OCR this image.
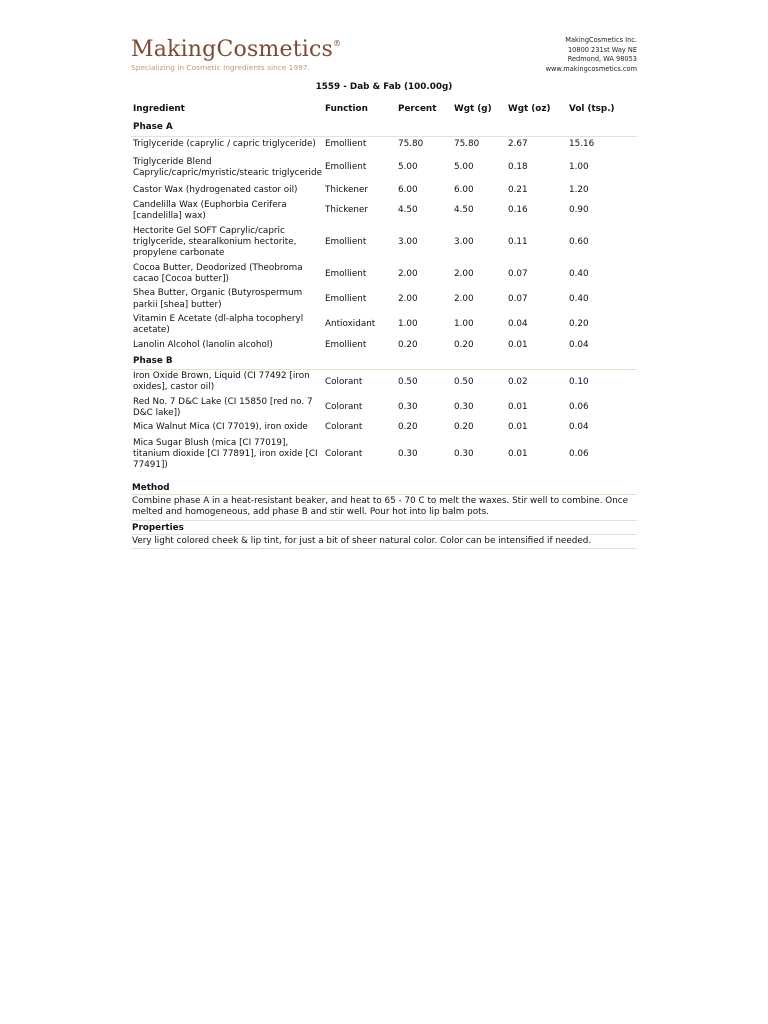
MakingCosmetics®
Specializing in Cosmetic Ingredients since 1997.
MakingCosmetics Inc.
10800 231st Way NE
Redmond, WA 98053
www.makingcosmetics.com
1559 - Dab & Fab (100.00g)
Ingredient	Function	Percent	Wgt (g)	Wgt (oz)	Vol (tsp.)
Phase A					
Triglyceride (caprylic / capric triglyceride)	Emollient	75.80	75.80	2.67	15.16
Triglyceride Blend Caprylic/capric/myristic/stearic triglyceride	Emollient	5.00	5.00	0.18	1.00
Castor Wax (hydrogenated castor oil)	Thickener	6.00	6.00	0.21	1.20
Candelilla Wax (Euphorbia Cerifera [candelilla] wax)	Thickener	4.50	4.50	0.16	0.90
Hectorite Gel SOFT Caprylic/capric triglyceride, stearalkonium hectorite, propylene carbonate	Emollient	3.00	3.00	0.11	0.60
Cocoa Butter, Deodorized (Theobroma cacao [Cocoa butter])	Emollient	2.00	2.00	0.07	0.40
Shea Butter, Organic (Butyrospermum parkii [shea] butter)	Emollient	2.00	2.00	0.07	0.40
Vitamin E Acetate (dl-alpha tocopheryl acetate)	Antioxidant	1.00	1.00	0.04	0.20
Lanolin Alcohol (lanolin alcohol)	Emollient	0.20	0.20	0.01	0.04
Phase B					
Iron Oxide Brown, Liquid (CI 77492 [iron oxides], castor oil)	Colorant	0.50	0.50	0.02	0.10
Red No. 7 D&C Lake (CI 15850 [red no. 7 D&C lake])	Colorant	0.30	0.30	0.01	0.06
Mica Walnut Mica (CI 77019), iron oxide	Colorant	0.20	0.20	0.01	0.04
Mica Sugar Blush (mica [CI 77019], titanium dioxide [CI 77891], iron oxide [CI 77491])	Colorant	0.30	0.30	0.01	0.06
Method
Combine phase A in a heat-resistant beaker, and heat to 65 - 70 C to melt the waxes. Stir well to combine. Once melted and homogeneous, add phase B and stir well. Pour hot into lip balm pots.
Properties
Very light colored cheek & lip tint, for just a bit of sheer natural color. Color can be intensified if needed.
